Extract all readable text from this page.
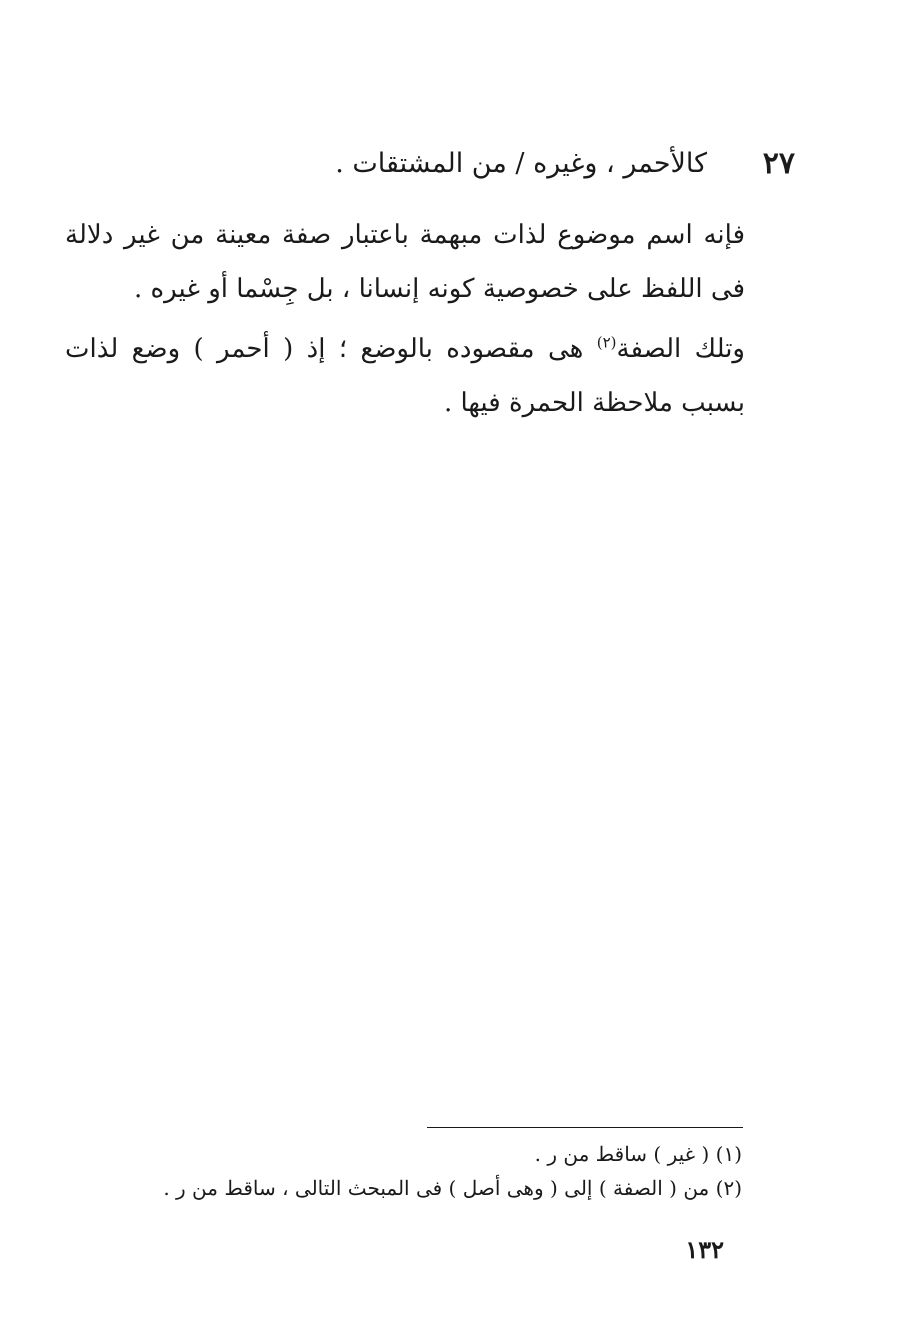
٢٧
كالأحمر ، وغيره / من المشتقات .

فإنه اسم موضوع لذات مبهمة باعتبار صفة معينة من غير دلالة فى اللفظ على خصوصية كونه إنسانا ، بل جِسْما أو غيره .

وتلك الصفة$^{(٢)}$ هى مقصوده بالوضع ؛ إذ ( أحمر ) وضع لذات بسبب ملاحظة الحمرة فيها .

(١) ( غير ) ساقط من ر .
(٢) من ( الصفة ) إلى ( وهى أصل ) فى المبحث التالى ، ساقط من ر .
١٣٢
